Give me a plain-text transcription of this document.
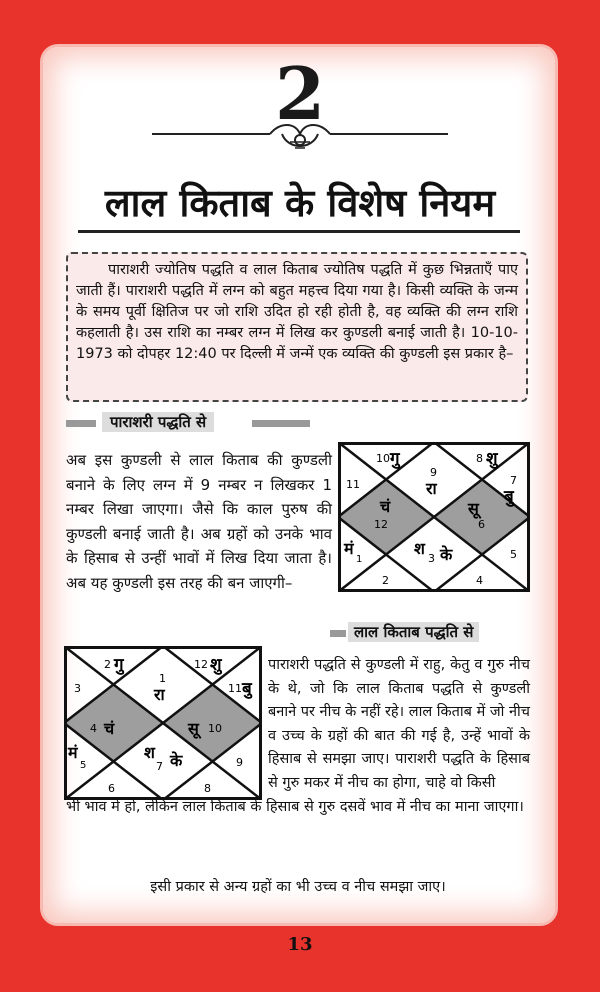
2
लाल किताब के विशेष नियम
पाराशरी ज्योतिष पद्धति व लाल किताब ज्योतिष पद्धति में कुछ भिन्नताएँ पाए जाती हैं। पाराशरी पद्धति में लग्न को बहुत महत्त्व दिया गया है। किसी व्यक्ति के जन्म के समय पूर्वी क्षितिज पर जो राशि उदित हो रही होती है, वह व्यक्ति की लग्न राशि कहलाती है। उस राशि का नम्बर लग्न में लिख कर कुण्डली बनाई जाती है। 10-10-1973 को दोपहर 12:40 पर दिल्ली में जन्में एक व्यक्ति की कुण्डली इस प्रकार है–
पाराशरी पद्धति से
अब इस कुण्डली से लाल किताब की कुण्डली बनाने के लिए लग्न में 9 नम्बर न लिखकर 1 नम्बर लिखा जाएगा। जैसे कि काल पुरुष की कुण्डली बनाई जाती है। अब ग्रहों को उनके भाव के हिसाब से उन्हीं भावों में लिख दिया जाता है। अब यह कुण्डली इस तरह की बन जाएगी–
10 गु	8 शु
9
रा	7
बु
11
चं
12
सू
6
मं
1
श
3 के	5
2	4
लाल किताब पद्धति से
2 गु	12 शु
1
रा	11 बु
3
4 चं	सू 10
मं
5
श
7 के	9
6	8
पाराशरी पद्धति से कुण्डली में राहु, केतु व गुरु नीच के थे, जो कि लाल किताब पद्धति से कुण्डली बनाने पर नीच के नहीं रहे। लाल किताब में जो नीच व उच्च के ग्रहों की बात की गई है, उन्हें भावों के हिसाब से समझा जाए। पाराशरी पद्धति के हिसाब से गुरु मकर में नीच का होगा, चाहे वो किसी
भी भाव में हो, लेकिन लाल किताब के हिसाब से गुरु दसवें भाव में नीच का माना जाएगा।
इसी प्रकार से अन्य ग्रहों का भी उच्च व नीच समझा जाए।
13
